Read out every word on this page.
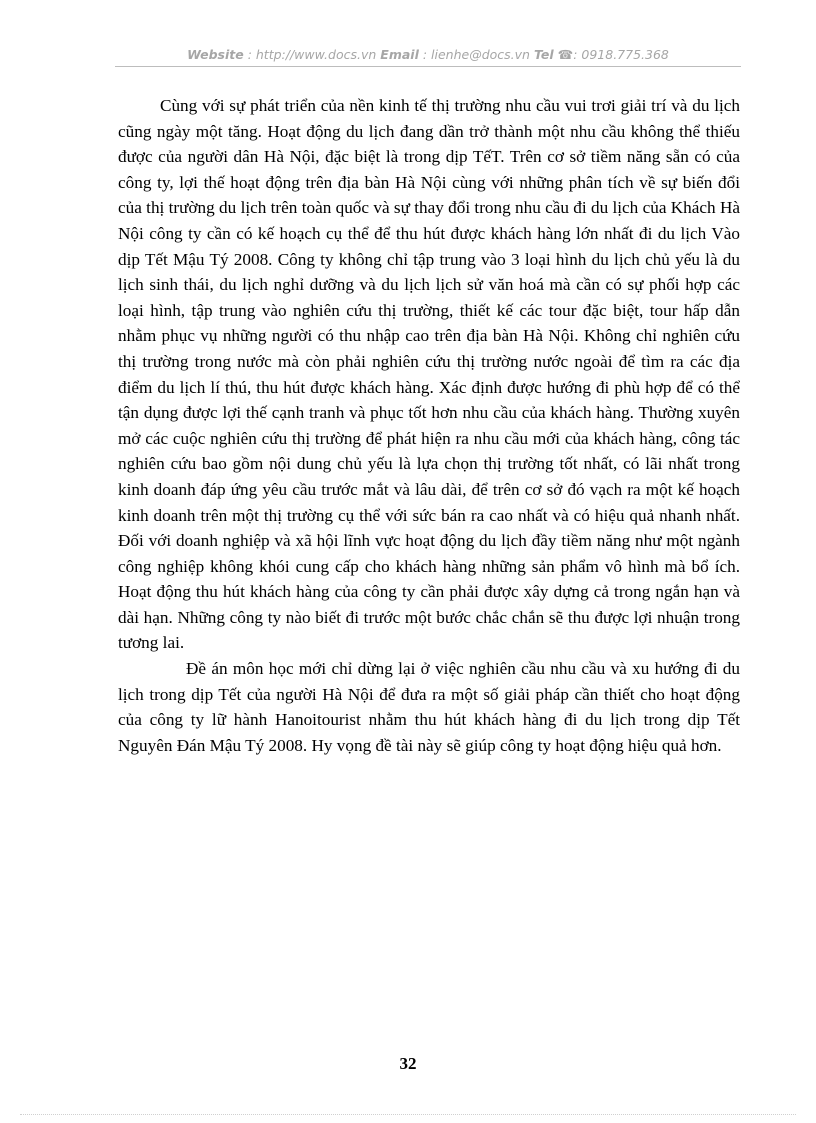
Website : http://www.docs.vn Email : lienhe@docs.vn Tel ☎: 0918.775.368

Cùng với sự phát triển của nền kinh tế thị trường nhu cầu vui trơi giải trí và du lịch cũng ngày một tăng. Hoạt động du lịch đang dần trở thành một nhu cầu không thể thiếu được của người dân Hà Nội, đặc biệt là trong dịp TếT. Trên cơ sở tiềm năng sẵn có của công ty, lợi thế hoạt động trên địa bàn Hà Nội cùng với những phân tích về sự biến đổi của thị trường du lịch trên toàn quốc và sự thay đổi trong nhu cầu đi du lịch của Khách Hà Nội công ty cần có kế hoạch cụ thể để thu hút được khách hàng lớn nhất đi du lịch Vào dịp Tết Mậu Tý 2008. Công ty không chỉ tập trung vào 3 loại hình du lịch chủ yếu là du lịch sinh thái, du lịch nghỉ dưỡng và du lịch lịch sử văn hoá mà cần có sự phối hợp các loại hình, tập trung vào nghiên cứu thị trường, thiết kế các tour đặc biệt, tour hấp dẫn nhằm phục vụ những người có thu nhập cao trên địa bàn Hà Nội. Không chỉ nghiên cứu thị trường trong nước mà còn phải nghiên cứu thị trường nước ngoài để tìm ra các địa điểm du lịch lí thú, thu hút được khách hàng. Xác định được hướng đi phù hợp để có thể tận dụng được lợi thế cạnh tranh và phục tốt hơn nhu cầu của khách hàng. Thường xuyên mở các cuộc nghiên cứu thị trường để phát hiện ra nhu cầu mới của khách hàng, công tác nghiên cứu bao gồm nội dung chủ yếu là lựa chọn thị trường tốt nhất, có lãi nhất trong kinh doanh đáp ứng yêu cầu trước mắt và lâu dài, để trên cơ sở đó vạch ra một kế hoạch kinh doanh trên một thị trường cụ thể với sức bán ra cao nhất và có hiệu quả nhanh nhất. Đối với doanh nghiệp và xã hội lĩnh vực hoạt động du lịch đầy tiềm năng như một ngành công nghiệp không khói cung cấp cho khách hàng những sản phẩm vô hình mà bổ ích. Hoạt động thu hút khách hàng của công ty cần phải được xây dựng cả trong ngắn hạn và dài hạn. Những công ty nào biết đi trước một bước chắc chắn sẽ thu được lợi nhuận trong tương lai.

Đề án môn học mới chỉ dừng lại ở việc nghiên cầu nhu cầu và xu hướng đi du lịch trong dịp Tết của người Hà Nội để đưa ra một số giải pháp cần thiết cho hoạt động của công ty lữ hành Hanoitourist nhằm thu hút khách hàng đi du lịch trong dịp Tết Nguyên Đán Mậu Tý 2008. Hy vọng đề tài này sẽ giúp công ty hoạt động hiệu quả hơn.

32
